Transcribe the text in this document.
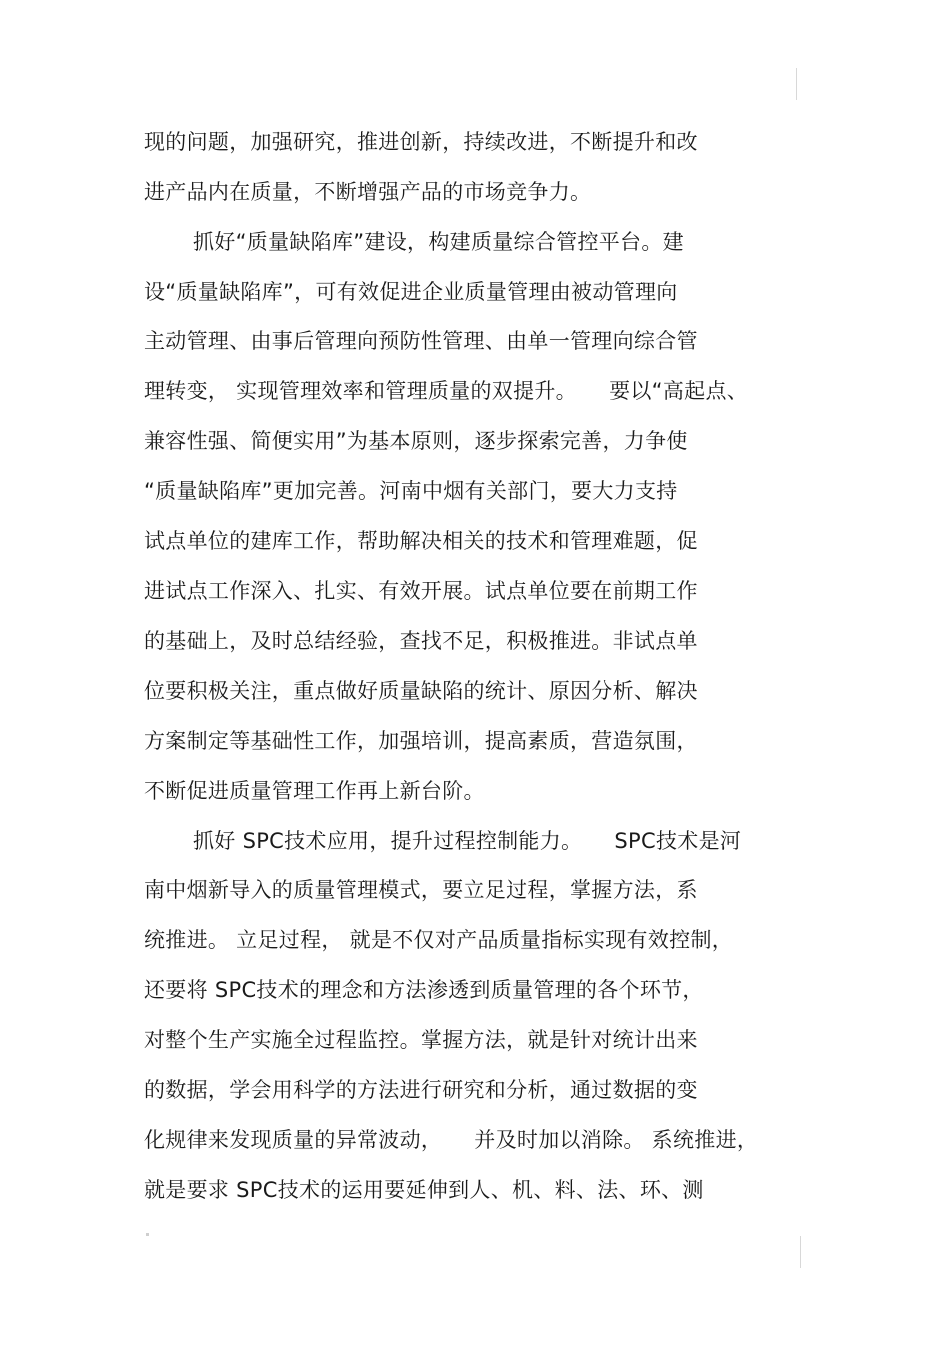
现的问题，加强研究，推进创新，持续改进，不断提升和改
进产品内在质量，不断增强产品的市场竞争力。
抓好“质量缺陷库”建设，构建质量综合管控平台。建
设“质量缺陷库”，可有效促进企业质量管理由被动管理向
主动管理、由事后管理向预防性管理、由单一管理向综合管
理转变， 实现管理效率和管理质量的双提升。　　要以“高起点、
兼容性强、简便实用”为基本原则，逐步探索完善，力争使
“质量缺陷库”更加完善。河南中烟有关部门，要大力支持
试点单位的建库工作，帮助解决相关的技术和管理难题，促
进试点工作深入、扎实、有效开展。试点单位要在前期工作
的基础上，及时总结经验，查找不足，积极推进。非试点单
位要积极关注，重点做好质量缺陷的统计、原因分析、解决
方案制定等基础性工作，加强培训，提高素质，营造氛围，
不断促进质量管理工作再上新台阶。
抓好 SPC技术应用，提升过程控制能力。　　SPC技术是河
南中烟新导入的质量管理模式，要立足过程，掌握方法，系
统推进。 立足过程， 就是不仅对产品质量指标实现有效控制，
还要将 SPC技术的理念和方法渗透到质量管理的各个环节，
对整个生产实施全过程监控。掌握方法，就是针对统计出来
的数据，学会用科学的方法进行研究和分析，通过数据的变
化规律来发现质量的异常波动，　　并及时加以消除。 系统推进，
就是要求 SPC技术的运用要延伸到人、机、料、法、环、测
